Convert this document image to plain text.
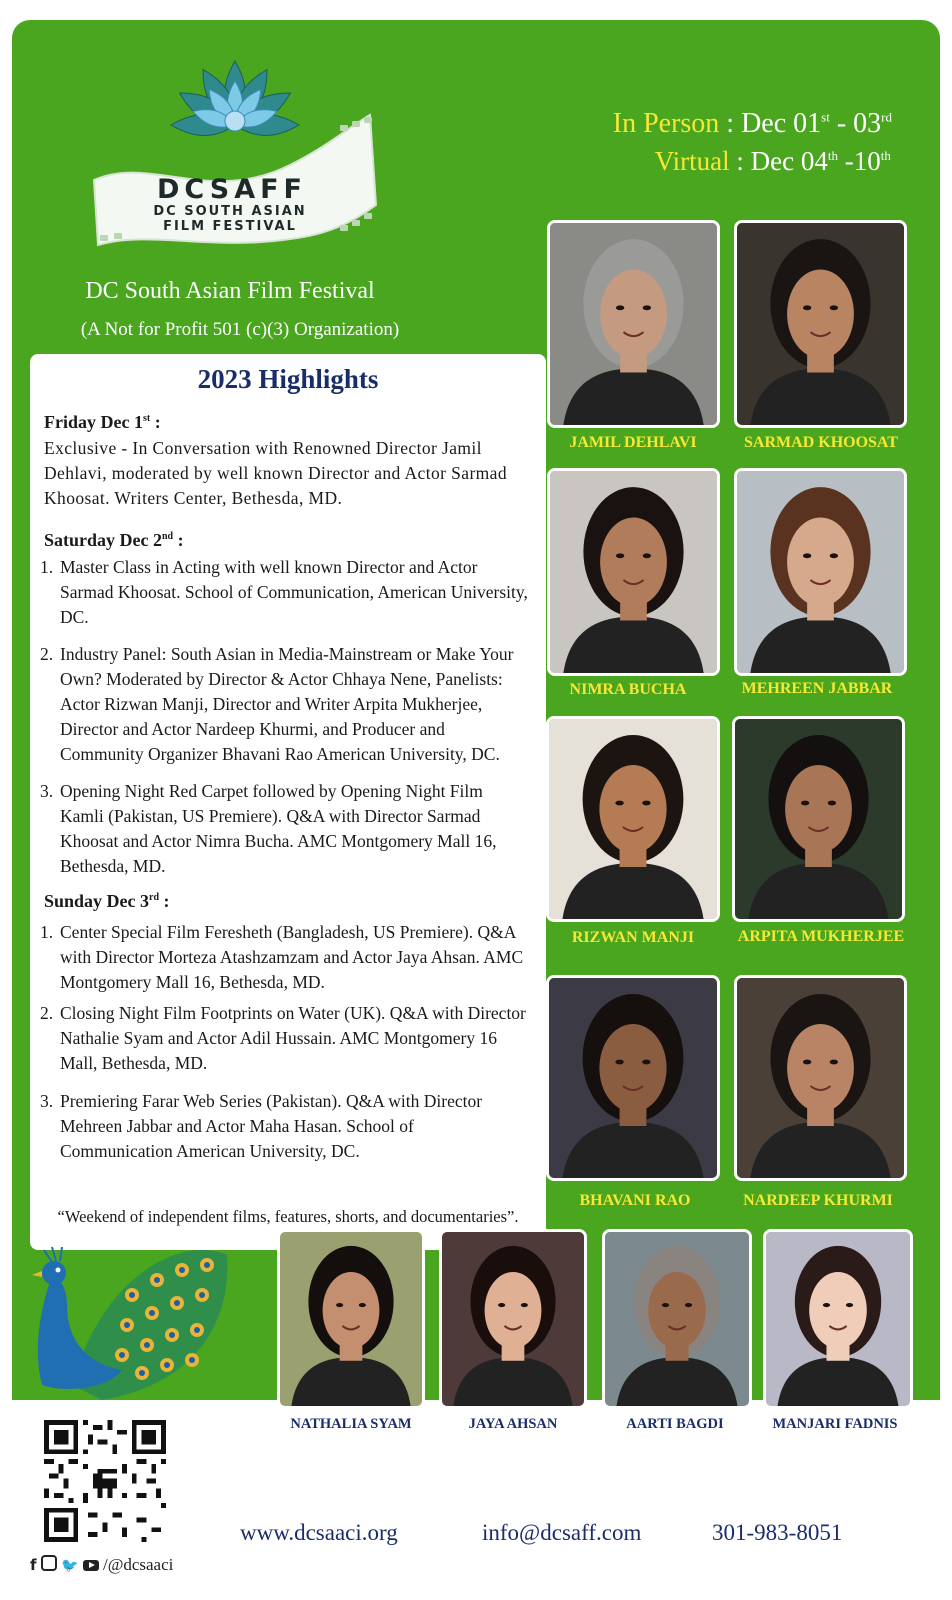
DCSAFF
DC SOUTH ASIAN
FILM FESTIVAL
DC South Asian Film Festival
(A Not for Profit 501 (c)(3) Organization)
In Person : Dec 01st - 03rd
Virtual : Dec 04th -10th
2023 Highlights
Friday Dec 1st :
Exclusive - In Conversation with Renowned Director Jamil Dehlavi, moderated by well known Director and Actor Sarmad Khoosat. Writers Center, Bethesda, MD.
Saturday Dec 2nd :
1. Master Class in Acting with well known Director and Actor Sarmad Khoosat. School of Communication, American University, DC.
2. Industry Panel: South Asian in Media-Mainstream or Make Your Own? Moderated by Director & Actor Chhaya Nene, Panelists: Actor Rizwan Manji, Director and Writer Arpita Mukherjee, Director and Actor Nardeep Khurmi, and Producer and Community Organizer Bhavani Rao American University, DC.
3. Opening Night Red Carpet followed by Opening Night Film Kamli (Pakistan, US Premiere). Q&A with Director Sarmad Khoosat and Actor Nimra Bucha. AMC Montgomery Mall 16, Bethesda, MD.
Sunday Dec 3rd :
1. Center Special Film Feresheth (Bangladesh, US Premiere). Q&A with Director Morteza Atashzamzam and Actor Jaya Ahsan. AMC Montgomery Mall 16, Bethesda, MD.
2. Closing Night Film Footprints on Water (UK). Q&A with Director Nathalie Syam and Actor Adil Hussain. AMC Montgomery 16 Mall, Bethesda, MD.
3. Premiering Farar Web Series (Pakistan). Q&A with Director Mehreen Jabbar and Actor Maha Hasan. School of Communication American University, DC.
“Weekend of independent films, features, shorts, and documentaries”.
JAMIL DEHLAVI	SARMAD KHOOSAT
NIMRA BUCHA	MEHREEN JABBAR
RIZWAN MANJI	ARPITA MUKHERJEE
BHAVANI RAO	NARDEEP KHURMI
NATHALIA SYAM	JAYA AHSAN	AARTI BAGDI	MANJARI FADNIS
f 🐦 /@dcsaaci
www.dcsaaci.org	info@dcsaff.com	301-983-8051
